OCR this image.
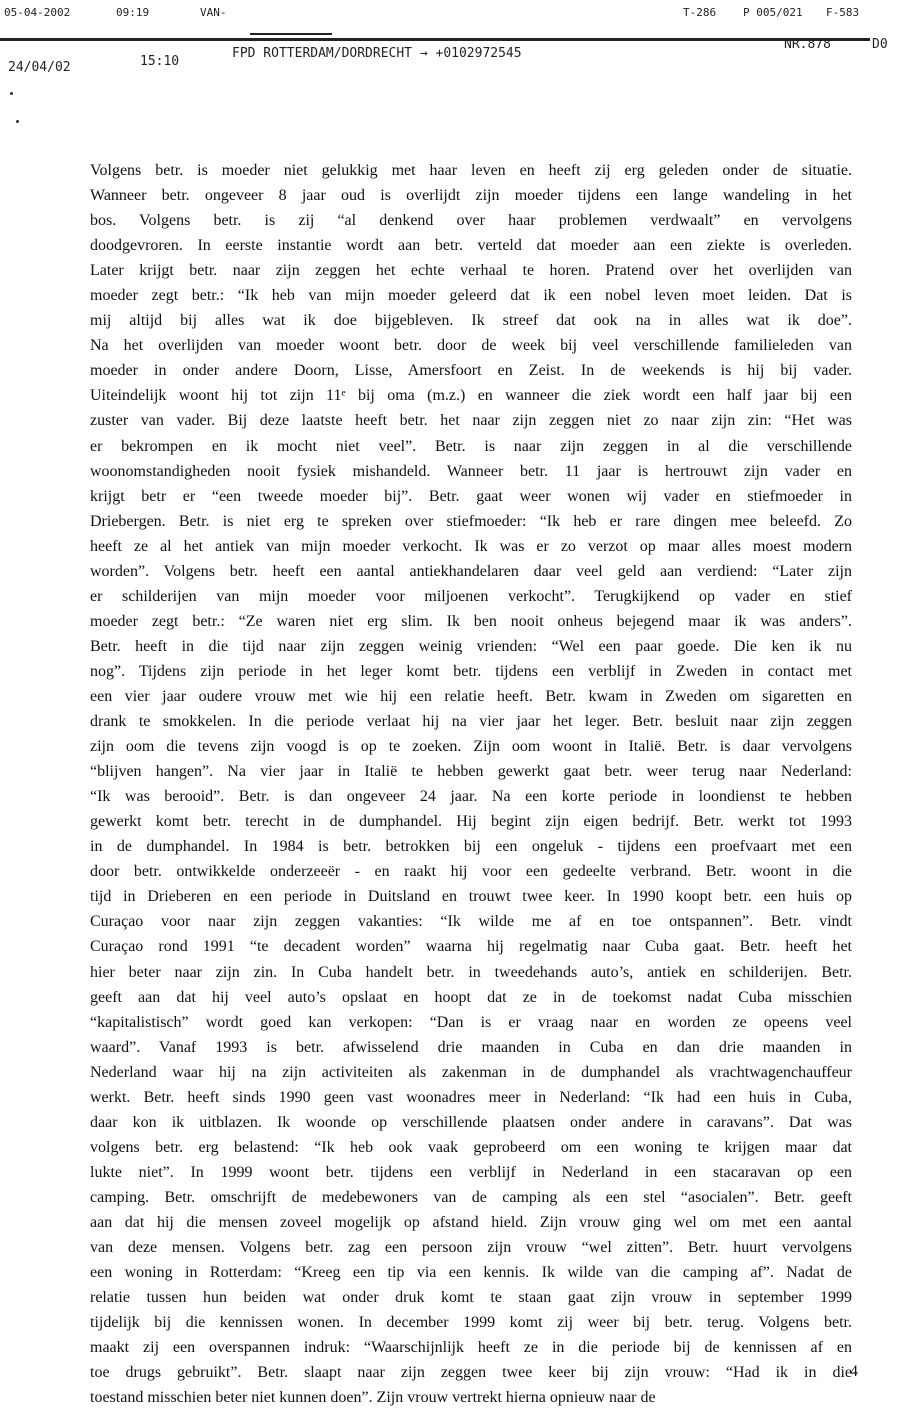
05-04-2002	09:19	VAN-	T-286 P 005/021 F-583
24/04/02	15:10
FPD ROTTERDAM/DORDRECHT → +0102972545
NR.878	D0
Volgens betr. is moeder niet gelukkig met haar leven en heeft zij erg geleden onder de situatie.
Wanneer betr. ongeveer 8 jaar oud is overlijdt zijn moeder tijdens een lange wandeling in het
bos. Volgens betr. is zij “al denkend over haar problemen verdwaalt” en vervolgens
doodgevroren. In eerste instantie wordt aan betr. verteld dat moeder aan een ziekte is overleden.
Later krijgt betr. naar zijn zeggen het echte verhaal te horen. Pratend over het overlijden van
moeder zegt betr.: “Ik heb van mijn moeder geleerd dat ik een nobel leven moet leiden. Dat is
mij altijd bij alles wat ik doe bijgebleven. Ik streef dat ook na in alles wat ik doe”.
Na het overlijden van moeder woont betr. door de week bij veel verschillende familieleden van
moeder in onder andere Doorn, Lisse, Amersfoort en Zeist. In de weekends is hij bij vader.
Uiteindelijk woont hij tot zijn 11ᵉ bij oma (m.z.) en wanneer die ziek wordt een half jaar bij een
zuster van vader. Bij deze laatste heeft betr. het naar zijn zeggen niet zo naar zijn zin: “Het was
er bekrompen en ik mocht niet veel”. Betr. is naar zijn zeggen in al die verschillende
woonomstandigheden nooit fysiek mishandeld. Wanneer betr. 11 jaar is hertrouwt zijn vader en
krijgt betr er “een tweede moeder bij”. Betr. gaat weer wonen wij vader en stiefmoeder in
Driebergen. Betr. is niet erg te spreken over stiefmoeder: “Ik heb er rare dingen mee beleefd. Zo
heeft ze al het antiek van mijn moeder verkocht. Ik was er zo verzot op maar alles moest modern
worden”. Volgens betr. heeft een aantal antiekhandelaren daar veel geld aan verdiend: “Later zijn
er schilderijen van mijn moeder voor miljoenen verkocht”. Terugkijkend op vader en stief
moeder zegt betr.: “Ze waren niet erg slim. Ik ben nooit onheus bejegend maar ik was anders”.
Betr. heeft in die tijd naar zijn zeggen weinig vrienden: “Wel een paar goede. Die ken ik nu
nog”. Tijdens zijn periode in het leger komt betr. tijdens een verblijf in Zweden in contact met
een vier jaar oudere vrouw met wie hij een relatie heeft. Betr. kwam in Zweden om sigaretten en
drank te smokkelen. In die periode verlaat hij na vier jaar het leger. Betr. besluit naar zijn zeggen
zijn oom die tevens zijn voogd is op te zoeken. Zijn oom woont in Italië. Betr. is daar vervolgens
“blijven hangen”. Na vier jaar in Italië te hebben gewerkt gaat betr. weer terug naar Nederland:
“Ik was berooid”. Betr. is dan ongeveer 24 jaar. Na een korte periode in loondienst te hebben
gewerkt komt betr. terecht in de dumphandel. Hij begint zijn eigen bedrijf. Betr. werkt tot 1993
in de dumphandel. In 1984 is betr. betrokken bij een ongeluk - tijdens een proefvaart met een
door betr. ontwikkelde onderzeeër - en raakt hij voor een gedeelte verbrand. Betr. woont in die
tijd in Drieberen en een periode in Duitsland en trouwt twee keer. In 1990 koopt betr. een huis op
Curaçao voor naar zijn zeggen vakanties: “Ik wilde me af en toe ontspannen”. Betr. vindt
Curaçao rond 1991 “te decadent worden” waarna hij regelmatig naar Cuba gaat. Betr. heeft het
hier beter naar zijn zin. In Cuba handelt betr. in tweedehands auto’s, antiek en schilderijen. Betr.
geeft aan dat hij veel auto’s opslaat en hoopt dat ze in de toekomst nadat Cuba misschien
“kapitalistisch” wordt goed kan verkopen: “Dan is er vraag naar en worden ze opeens veel
waard”. Vanaf 1993 is betr. afwisselend drie maanden in Cuba en dan drie maanden in
Nederland waar hij na zijn activiteiten als zakenman in de dumphandel als vrachtwagenchauffeur
werkt. Betr. heeft sinds 1990 geen vast woonadres meer in Nederland: “Ik had een huis in Cuba,
daar kon ik uitblazen. Ik woonde op verschillende plaatsen onder andere in caravans”. Dat was
volgens betr. erg belastend: “Ik heb ook vaak geprobeerd om een woning te krijgen maar dat
lukte niet”. In 1999 woont betr. tijdens een verblijf in Nederland in een stacaravan op een
camping. Betr. omschrijft de medebewoners van de camping als een stel “asocialen”. Betr. geeft
aan dat hij die mensen zoveel mogelijk op afstand hield. Zijn vrouw ging wel om met een aantal
van deze mensen. Volgens betr. zag een persoon zijn vrouw “wel zitten”. Betr. huurt vervolgens
een woning in Rotterdam: “Kreeg een tip via een kennis. Ik wilde van die camping af”. Nadat de
relatie tussen hun beiden wat onder druk komt te staan gaat zijn vrouw in september 1999
tijdelijk bij die kennissen wonen. In december 1999 komt zij weer bij betr. terug. Volgens betr.
maakt zij een overspannen indruk: “Waarschijnlijk heeft ze in die periode bij de kennissen af en
toe drugs gebruikt”. Betr. slaapt naar zijn zeggen twee keer bij zijn vrouw: “Had ik in die
toestand misschien beter niet kunnen doen”. Zijn vrouw vertrekt hierna opnieuw naar de
4
